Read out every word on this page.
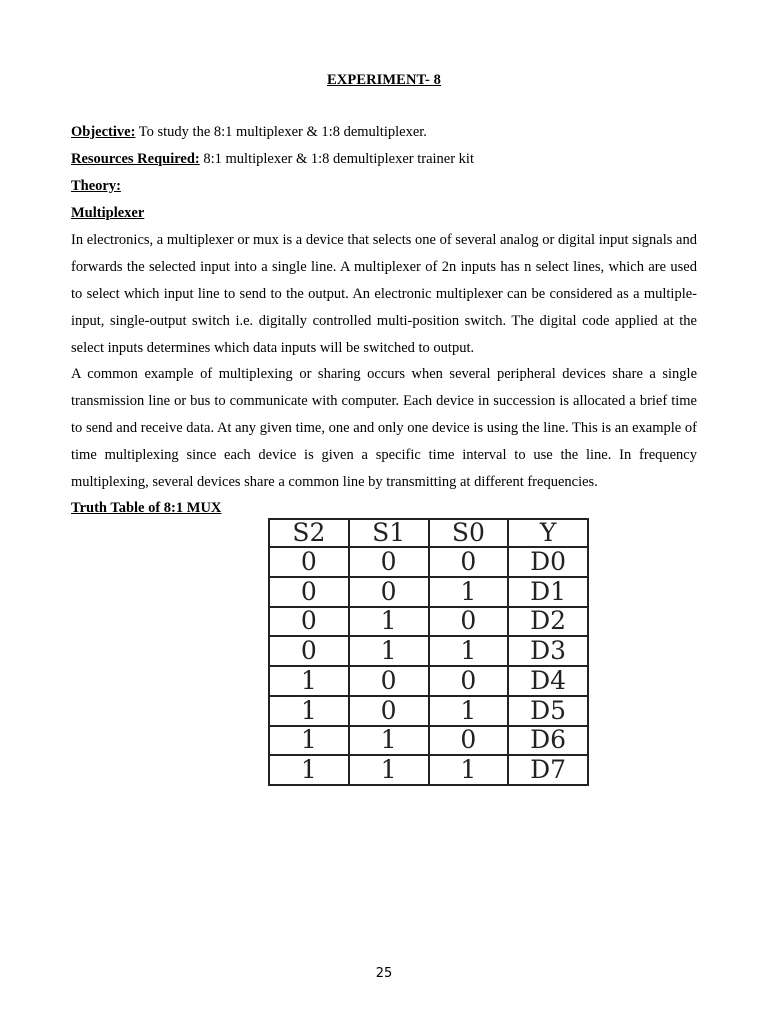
EXPERIMENT- 8
Objective: To study the 8:1 multiplexer & 1:8 demultiplexer.
Resources Required: 8:1 multiplexer & 1:8 demultiplexer trainer kit
Theory:
Multiplexer
In electronics, a multiplexer or mux is a device that selects one of several analog or digital input signals and forwards the selected input into a single line. A multiplexer of 2n inputs has n select lines, which are used to select which input line to send to the output. An electronic multiplexer can be considered as a multiple-input, single-output switch i.e. digitally controlled multi-position switch. The digital code applied at the select inputs determines which data inputs will be switched to output.
A common example of multiplexing or sharing occurs when several peripheral devices share a single transmission line or bus to communicate with computer. Each device in succession is allocated a brief time to send and receive data. At any given time, one and only one device is using the line. This is an example of time multiplexing since each device is given a specific time interval to use the line. In frequency multiplexing, several devices share a common line by transmitting at different frequencies.
Truth Table of 8:1 MUX
S2	S1	S0	Y
0	0	0	D0
0	0	1	D1
0	1	0	D2
0	1	1	D3
1	0	0	D4
1	0	1	D5
1	1	0	D6
1	1	1	D7
25
